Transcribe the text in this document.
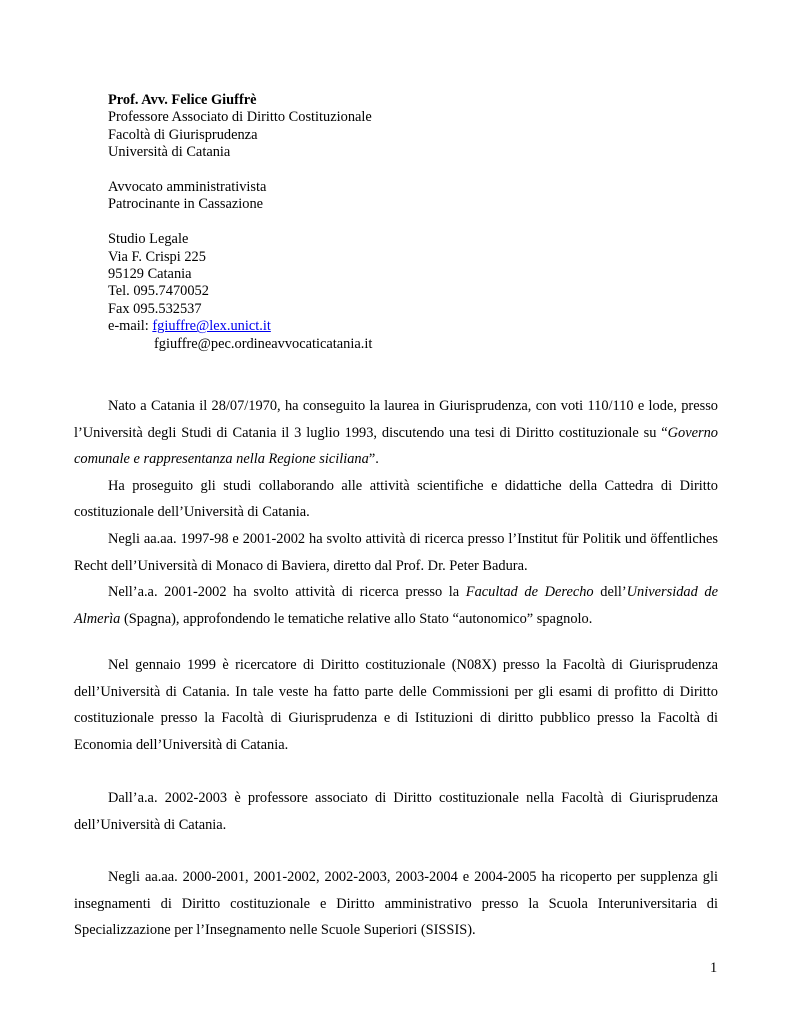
Prof. Avv. Felice Giuffrè
Professore Associato di Diritto Costituzionale
Facoltà di Giurisprudenza
Università di Catania
Avvocato amministrativista
Patrocinante in Cassazione
Studio Legale
Via F. Crispi 225
95129 Catania
Tel. 095.7470052
Fax 095.532537
e-mail: fgiuffre@lex.unict.it
fgiuffre@pec.ordineavvocaticatania.it

Nato a Catania il 28/07/1970, ha conseguito la laurea in Giurisprudenza, con voti 110/110 e lode, presso l’Università degli Studi di Catania il 3 luglio 1993, discutendo una tesi di Diritto costituzionale su “Governo comunale e rappresentanza nella Regione siciliana”.

Ha proseguito gli studi collaborando alle attività scientifiche e didattiche della Cattedra di Diritto costituzionale dell’Università di Catania.

Negli aa.aa. 1997-98 e 2001-2002 ha svolto attività di ricerca presso l’Institut für Politik und öffentliches Recht dell’Università di Monaco di Baviera, diretto dal Prof. Dr. Peter Badura.

Nell’a.a. 2001-2002 ha svolto attività di ricerca presso la Facultad de Derecho dell’Universidad de Almerìa (Spagna), approfondendo le tematiche relative allo Stato “autonomico” spagnolo.

Nel gennaio 1999 è ricercatore di Diritto costituzionale (N08X) presso la Facoltà di Giurisprudenza dell’Università di Catania. In tale veste ha fatto parte delle Commissioni per gli esami di profitto di Diritto costituzionale presso la Facoltà di Giurisprudenza e di Istituzioni di diritto pubblico presso la Facoltà di Economia dell’Università di Catania.

Dall’a.a. 2002-2003 è professore associato di Diritto costituzionale nella Facoltà di Giurisprudenza dell’Università di Catania.

Negli aa.aa. 2000-2001, 2001-2002, 2002-2003, 2003-2004 e 2004-2005 ha ricoperto per supplenza gli insegnamenti di Diritto costituzionale e Diritto amministrativo presso la Scuola Interuniversitaria di Specializzazione per l’Insegnamento nelle Scuole Superiori (SISSIS).

1
